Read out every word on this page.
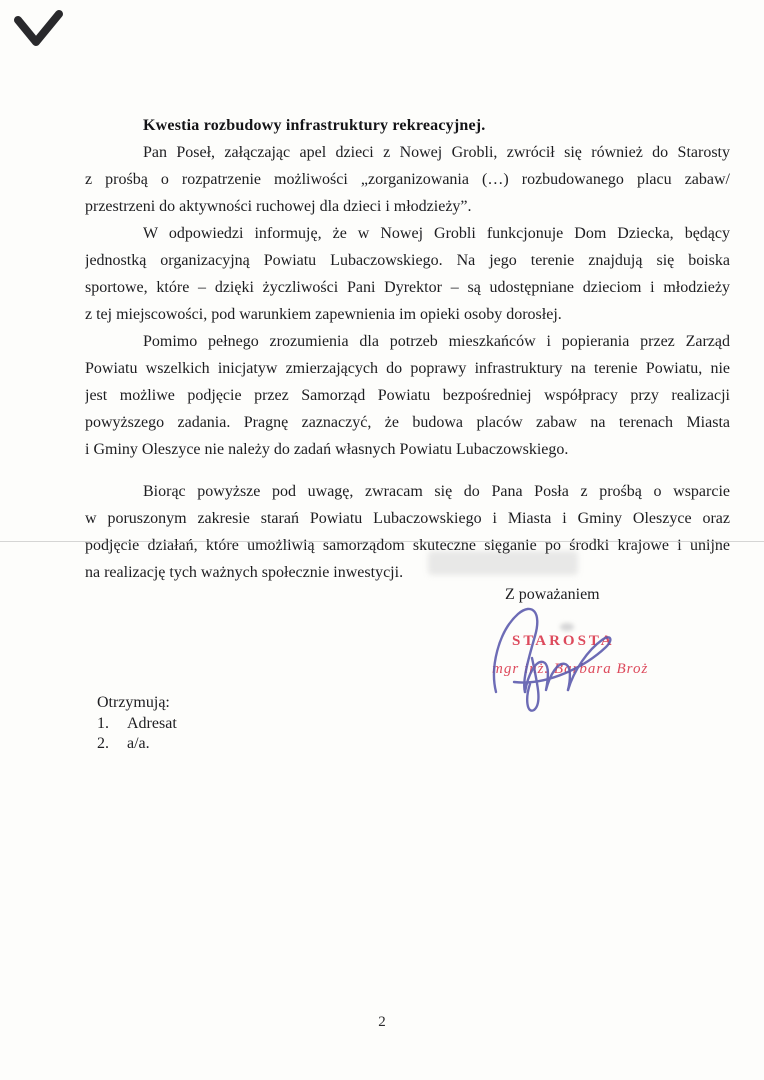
Kwestia rozbudowy infrastruktury rekreacyjnej.
Pan Poseł, załączając apel dzieci z Nowej Grobli, zwrócił się również do Starosty
z prośbą o rozpatrzenie możliwości „zorganizowania (…) rozbudowanego placu zabaw/
przestrzeni do aktywności ruchowej dla dzieci i młodzieży”.
W odpowiedzi informuję, że w Nowej Grobli funkcjonuje Dom Dziecka, będący
jednostką organizacyjną Powiatu Lubaczowskiego. Na jego terenie znajdują się boiska
sportowe, które – dzięki życzliwości Pani Dyrektor – są udostępniane dzieciom i młodzieży
z tej miejscowości, pod warunkiem zapewnienia im opieki osoby dorosłej.
Pomimo pełnego zrozumienia dla potrzeb mieszkańców i popierania przez Zarząd
Powiatu wszelkich inicjatyw zmierzających do poprawy infrastruktury na terenie Powiatu, nie
jest możliwe podjęcie przez Samorząd Powiatu bezpośredniej współpracy przy realizacji
powyższego zadania. Pragnę zaznaczyć, że budowa placów zabaw na terenach Miasta
i Gminy Oleszyce nie należy do zadań własnych Powiatu Lubaczowskiego.
Biorąc powyższe pod uwagę, zwracam się do Pana Posła z prośbą o wsparcie
w poruszonym zakresie starań Powiatu Lubaczowskiego i Miasta i Gminy Oleszyce oraz
podjęcie działań, które umożliwią samorządom skuteczne sięganie po środki krajowe i unijne
na realizację tych ważnych społecznie inwestycji.
Z poważaniem
STAROSTA
mgr inż. Barbara Broż
Otrzymują:
1.	Adresat
2.	a/a.
2
